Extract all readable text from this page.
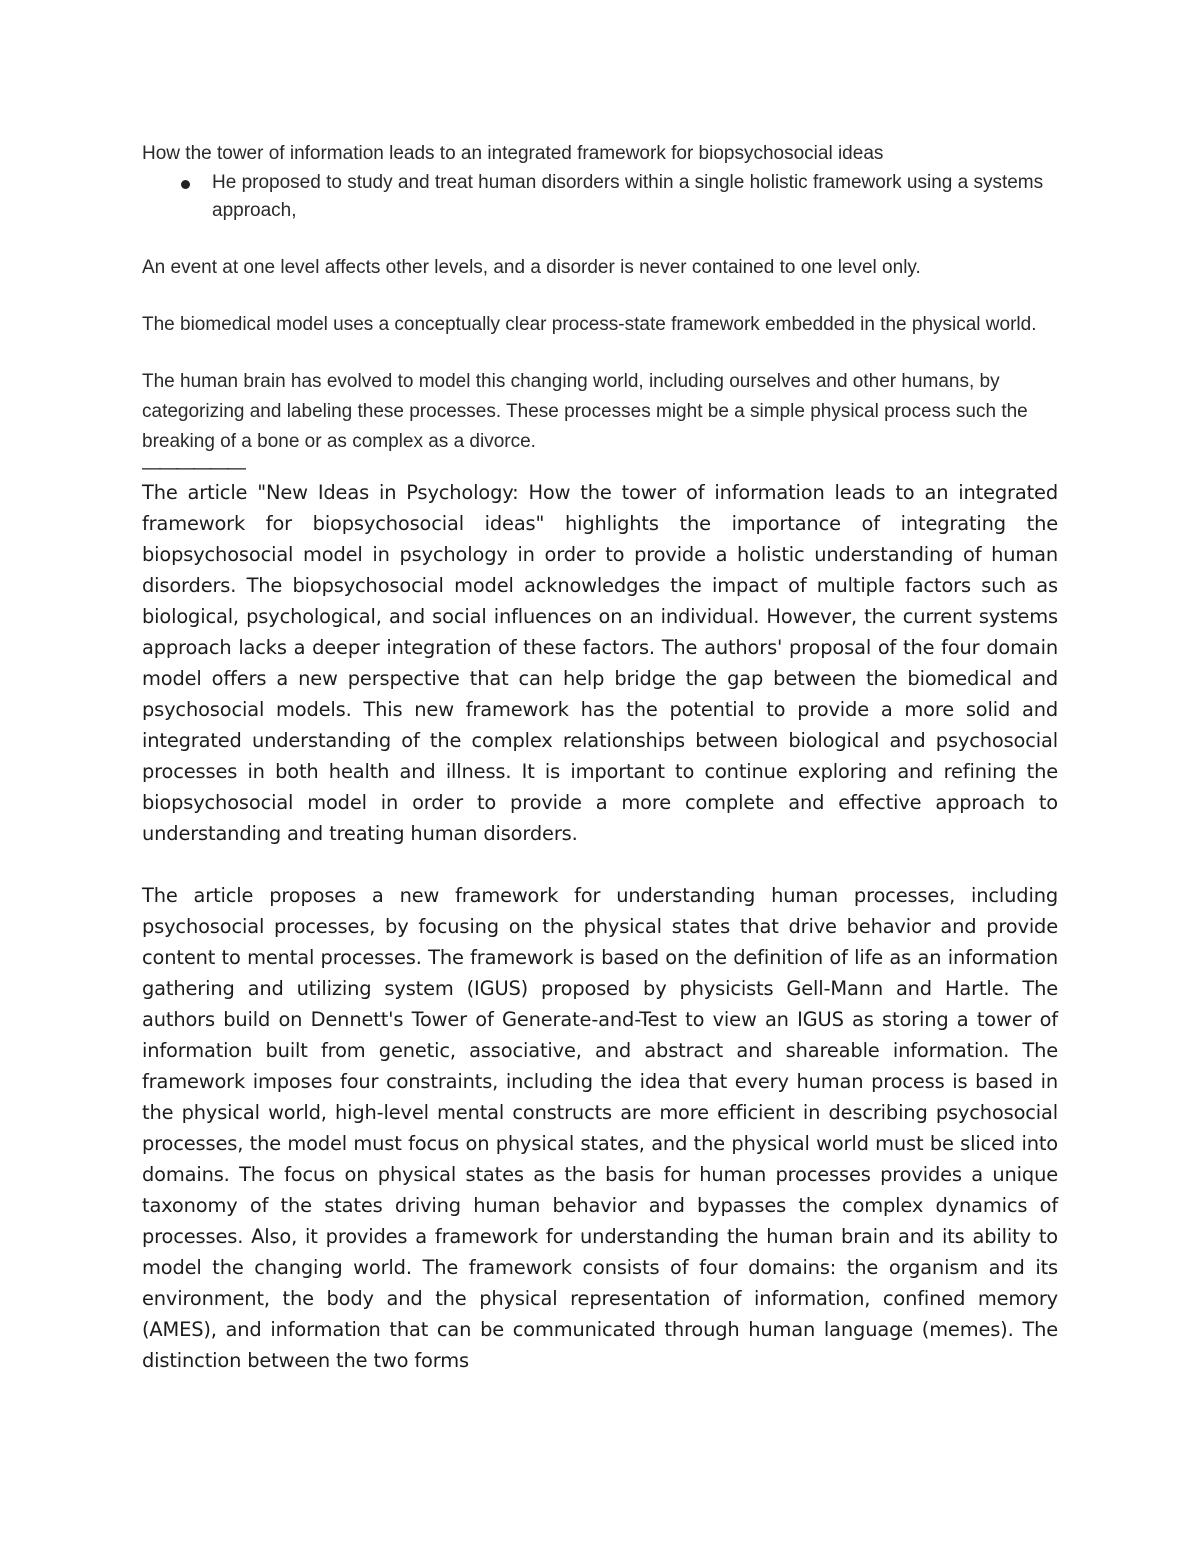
How the tower of information leads to an integrated framework for biopsychosocial ideas

He proposed to study and treat human disorders within a single holistic framework using a systems approach,

An event at one level affects other levels, and a disorder is never contained to one level only.

The biomedical model uses a conceptually clear process-state framework embedded in the physical world.

The human brain has evolved to model this changing world, including ourselves and other humans, by categorizing and labeling these processes. These processes might be a simple physical process such the breaking of a bone or as complex as a divorce.

——————

The article "New Ideas in Psychology: How the tower of information leads to an integrated framework for biopsychosocial ideas" highlights the importance of integrating the biopsychosocial model in psychology in order to provide a holistic understanding of human disorders. The biopsychosocial model acknowledges the impact of multiple factors such as biological, psychological, and social influences on an individual. However, the current systems approach lacks a deeper integration of these factors. The authors' proposal of the four domain model offers a new perspective that can help bridge the gap between the biomedical and psychosocial models. This new framework has the potential to provide a more solid and integrated understanding of the complex relationships between biological and psychosocial processes in both health and illness. It is important to continue exploring and refining the biopsychosocial model in order to provide a more complete and effective approach to understanding and treating human disorders.

The article proposes a new framework for understanding human processes, including psychosocial processes, by focusing on the physical states that drive behavior and provide content to mental processes. The framework is based on the definition of life as an information gathering and utilizing system (IGUS) proposed by physicists Gell-Mann and Hartle. The authors build on Dennett's Tower of Generate-and-Test to view an IGUS as storing a tower of information built from genetic, associative, and abstract and shareable information. The framework imposes four constraints, including the idea that every human process is based in the physical world, high-level mental constructs are more efficient in describing psychosocial processes, the model must focus on physical states, and the physical world must be sliced into domains. The focus on physical states as the basis for human processes provides a unique taxonomy of the states driving human behavior and bypasses the complex dynamics of processes. Also, it provides a framework for understanding the human brain and its ability to model the changing world. The framework consists of four domains: the organism and its environment, the body and the physical representation of information, confined memory (AMES), and information that can be communicated through human language (memes). The distinction between the two forms
